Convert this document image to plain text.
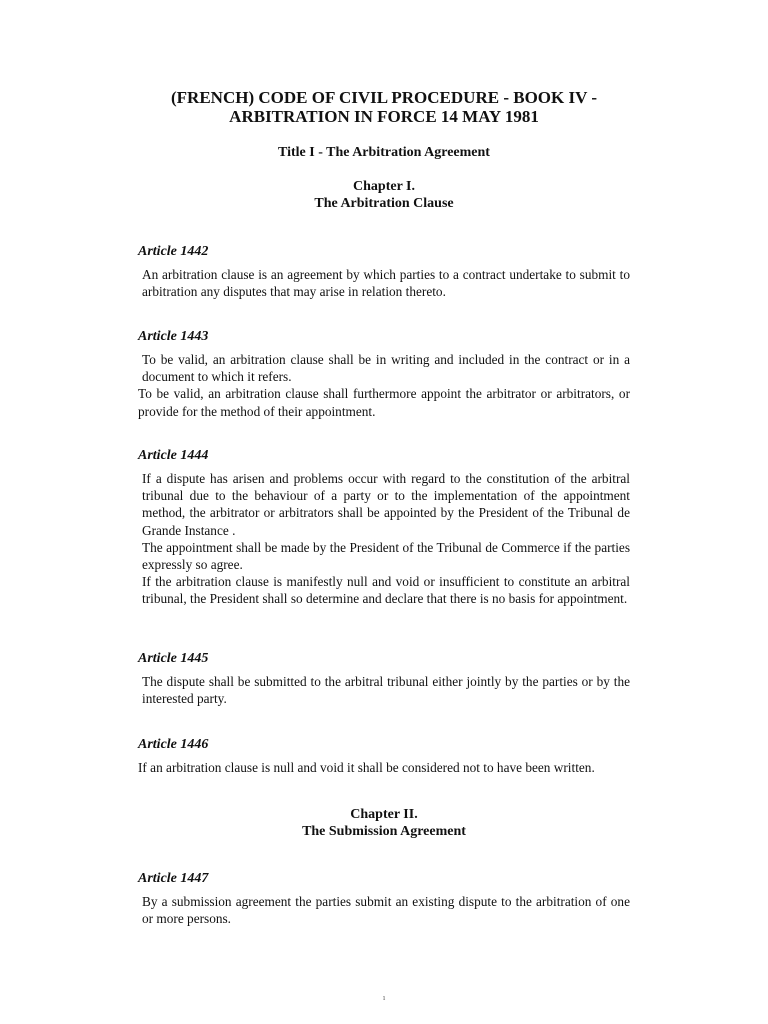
(FRENCH) CODE OF CIVIL PROCEDURE - BOOK IV -
ARBITRATION IN FORCE 14 MAY 1981
Title I - The Arbitration Agreement
Chapter I.
The Arbitration Clause
Article 1442

An arbitration clause is an agreement by which parties to a contract undertake to submit to arbitration any disputes that may arise in relation thereto.

Article 1443

To be valid, an arbitration clause shall be in writing and included in the contract or in a document to which it refers.

To be valid, an arbitration clause shall furthermore appoint the arbitrator or arbitrators, or provide for the method of their appointment.

Article 1444

If a dispute has arisen and problems occur with regard to the constitution of the arbitral tribunal due to the behaviour of a party or to the implementation of the appointment method, the arbitrator or arbitrators shall be appointed by the President of the Tribunal de Grande Instance .

The appointment shall be made by the President of the Tribunal de Commerce if the parties expressly so agree.

If the arbitration clause is manifestly null and void or insufficient to constitute an arbitral tribunal, the President shall so determine and declare that there is no basis for appointment.

Article 1445

The dispute shall be submitted to the arbitral tribunal either jointly by the parties or by the interested party.

Article 1446

If an arbitration clause is null and void it shall be considered not to have been written.

Chapter II.
The Submission Agreement
Article 1447

By a submission agreement the parties submit an existing dispute to the arbitration of one or more persons.

1
